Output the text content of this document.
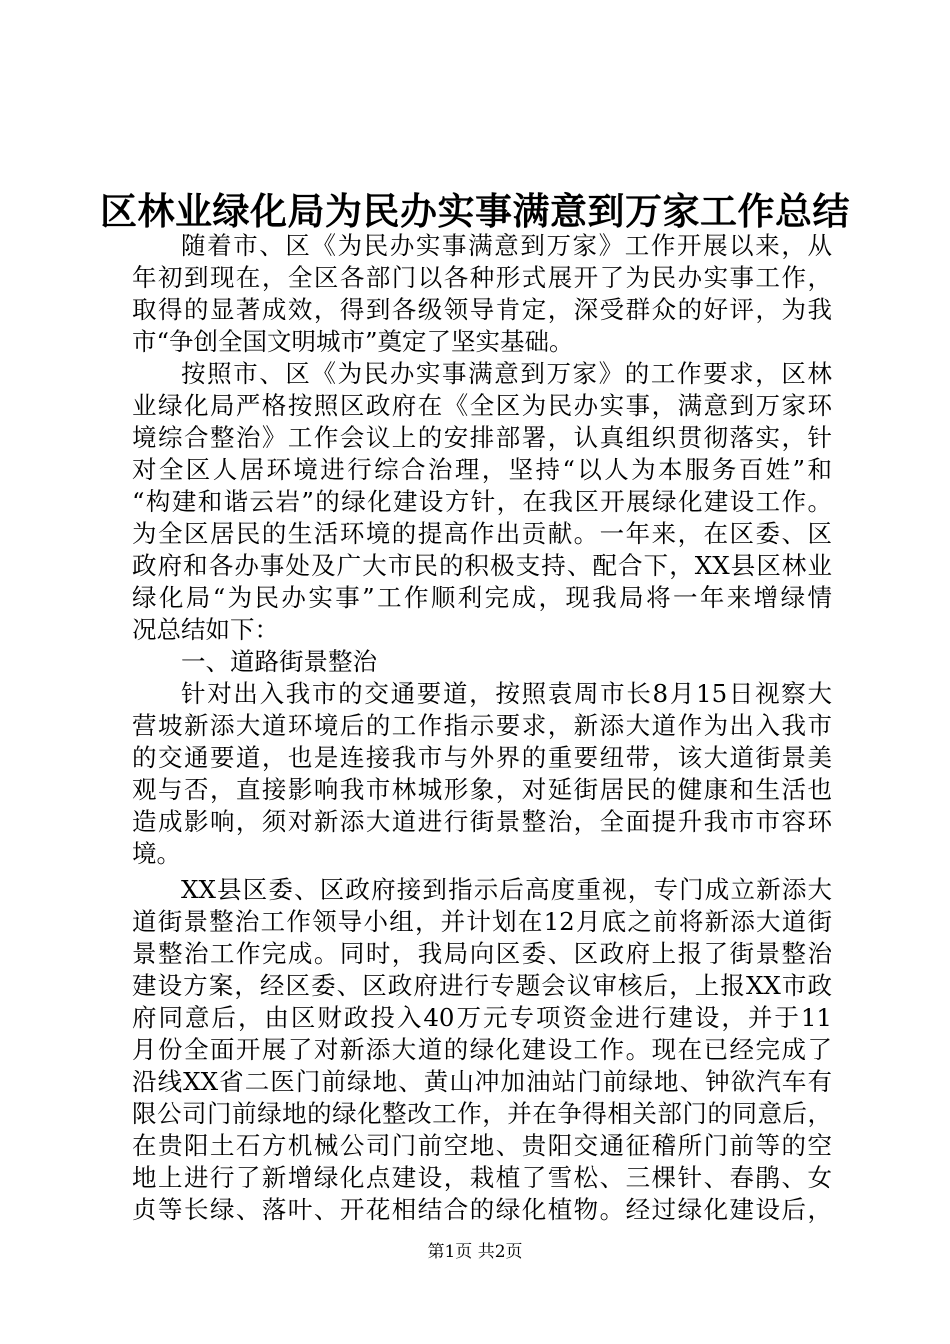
区林业绿化局为民办实事满意到万家工作总结
随着市、区《为民办实事满意到万家》工作开展以来，从
年初到现在，全区各部门以各种形式展开了为民办实事工作，
取得的显著成效，得到各级领导肯定，深受群众的好评，为我
市“争创全国文明城市”奠定了坚实基础。
按照市、区《为民办实事满意到万家》的工作要求，区林
业绿化局严格按照区政府在《全区为民办实事，满意到万家环
境综合整治》工作会议上的安排部署，认真组织贯彻落实，针
对全区人居环境进行综合治理，坚持“以人为本服务百姓”和
“构建和谐云岩”的绿化建设方针，在我区开展绿化建设工作。
为全区居民的生活环境的提高作出贡献。一年来，在区委、区
政府和各办事处及广大市民的积极支持、配合下，XX县区林业
绿化局“为民办实事”工作顺利完成，现我局将一年来增绿情
况总结如下：
一、道路街景整治
针对出入我市的交通要道，按照袁周市长8月15日视察大
营坡新添大道环境后的工作指示要求，新添大道作为出入我市
的交通要道，也是连接我市与外界的重要纽带，该大道街景美
观与否，直接影响我市林城形象，对延街居民的健康和生活也
造成影响，须对新添大道进行街景整治，全面提升我市市容环
境。
XX县区委、区政府接到指示后高度重视，专门成立新添大
道街景整治工作领导小组，并计划在12月底之前将新添大道街
景整治工作完成。同时，我局向区委、区政府上报了街景整治
建设方案，经区委、区政府进行专题会议审核后，上报XX市政
府同意后，由区财政投入40万元专项资金进行建设，并于11
月份全面开展了对新添大道的绿化建设工作。现在已经完成了
沿线XX省二医门前绿地、黄山冲加油站门前绿地、钟欲汽车有
限公司门前绿地的绿化整改工作，并在争得相关部门的同意后，
在贵阳土石方机械公司门前空地、贵阳交通征稽所门前等的空
地上进行了新增绿化点建设，栽植了雪松、三棵针、春鹃、女
贞等长绿、落叶、开花相结合的绿化植物。经过绿化建设后，
第1页 共2页
